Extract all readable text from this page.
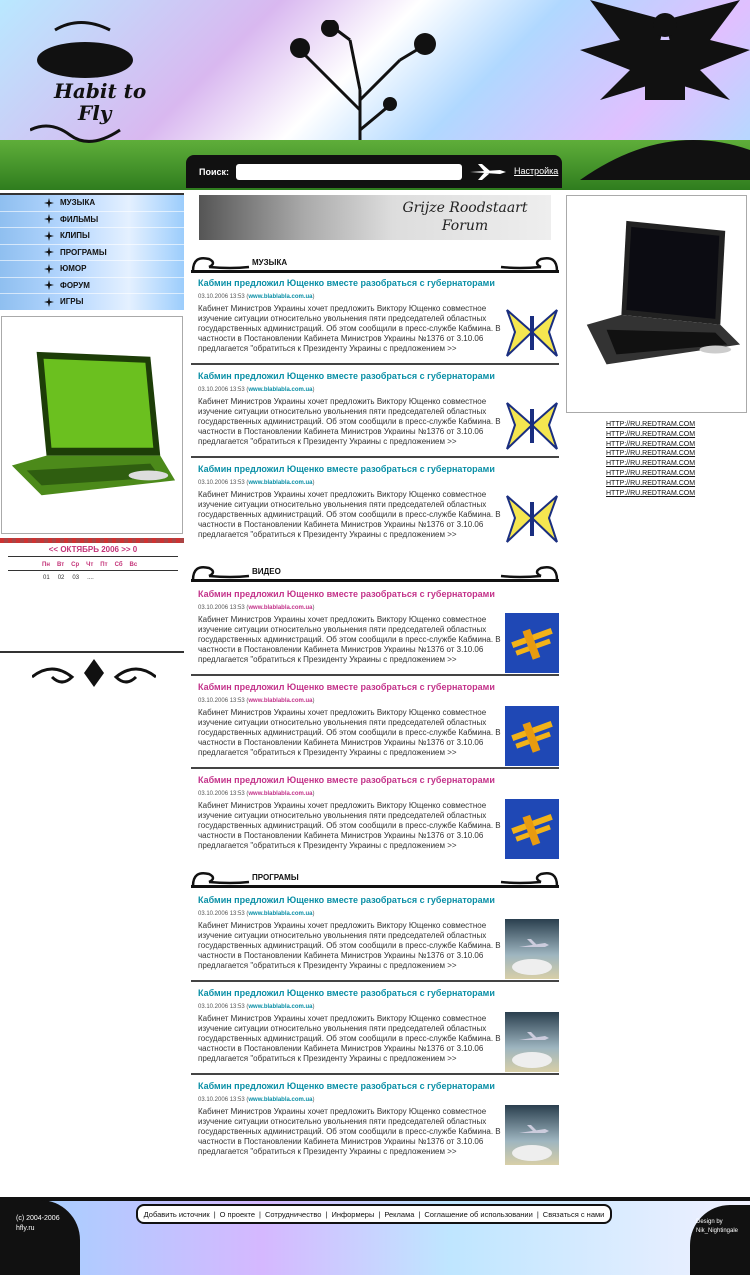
Habit to
Fly
Поиск:	Настройка
МУЗЫКА
ФИЛЬМЫ
КЛИПЫ
ПРОГРАМЫ
ЮМОР
ФОРУМ
ИГРЫ
<< ОКТЯБРЬ 2006 >> 0
Пн Вт Ср Чт Пт Сб Вс
01 02 03 ....
Grijze Roodstaart
Forum
МУЗЫКА
Кабмин предложил Ющенко вместе разобраться с губернаторами
03.10.2006 13:53 (www.blablabla.com.ua)
Кабинет Министров Украины хочет предложить Виктору Ющенко совместное изучение ситуации относительно увольнения пяти председателей областных государственных администраций. Об этом сообщили в пресс-службе Кабмина. В частности в Постановлении Кабинета Министров Украины №1376 от 3.10.06 предлагается "обратиться к Президенту Украины с предложением >>
Кабмин предложил Ющенко вместе разобраться с губернаторами
03.10.2006 13:53 (www.blablabla.com.ua)
Кабинет Министров Украины хочет предложить Виктору Ющенко совместное изучение ситуации относительно увольнения пяти председателей областных государственных администраций. Об этом сообщили в пресс-службе Кабмина. В частности в Постановлении Кабинета Министров Украины №1376 от 3.10.06 предлагается "обратиться к Президенту Украины с предложением >>
Кабмин предложил Ющенко вместе разобраться с губернаторами
03.10.2006 13:53 (www.blablabla.com.ua)
Кабинет Министров Украины хочет предложить Виктору Ющенко совместное изучение ситуации относительно увольнения пяти председателей областных государственных администраций. Об этом сообщили в пресс-службе Кабмина. В частности в Постановлении Кабинета Министров Украины №1376 от 3.10.06 предлагается "обратиться к Президенту Украины с предложением >>
ВИДЕО
Кабмин предложил Ющенко вместе разобраться с губернаторами
03.10.2006 13:53 (www.blablabla.com.ua)
Кабинет Министров Украины хочет предложить Виктору Ющенко совместное изучение ситуации относительно увольнения пяти председателей областных государственных администраций. Об этом сообщили в пресс-службе Кабмина. В частности в Постановлении Кабинета Министров Украины №1376 от 3.10.06 предлагается "обратиться к Президенту Украины с предложением >>
Кабмин предложил Ющенко вместе разобраться с губернаторами
03.10.2006 13:53 (www.blablabla.com.ua)
Кабинет Министров Украины хочет предложить Виктору Ющенко совместное изучение ситуации относительно увольнения пяти председателей областных государственных администраций. Об этом сообщили в пресс-службе Кабмина. В частности в Постановлении Кабинета Министров Украины №1376 от 3.10.06 предлагается "обратиться к Президенту Украины с предложением >>
Кабмин предложил Ющенко вместе разобраться с губернаторами
03.10.2006 13:53 (www.blablabla.com.ua)
Кабинет Министров Украины хочет предложить Виктору Ющенко совместное изучение ситуации относительно увольнения пяти председателей областных государственных администраций. Об этом сообщили в пресс-службе Кабмина. В частности в Постановлении Кабинета Министров Украины №1376 от 3.10.06 предлагается "обратиться к Президенту Украины с предложением >>
ПРОГРАМЫ
Кабмин предложил Ющенко вместе разобраться с губернаторами
03.10.2006 13:53 (www.blablabla.com.ua)
Кабинет Министров Украины хочет предложить Виктору Ющенко совместное изучение ситуации относительно увольнения пяти председателей областных государственных администраций. Об этом сообщили в пресс-службе Кабмина. В частности в Постановлении Кабинета Министров Украины №1376 от 3.10.06 предлагается "обратиться к Президенту Украины с предложением >>
Кабмин предложил Ющенко вместе разобраться с губернаторами
03.10.2006 13:53 (www.blablabla.com.ua)
Кабинет Министров Украины хочет предложить Виктору Ющенко совместное изучение ситуации относительно увольнения пяти председателей областных государственных администраций. Об этом сообщили в пресс-службе Кабмина. В частности в Постановлении Кабинета Министров Украины №1376 от 3.10.06 предлагается "обратиться к Президенту Украины с предложением >>
Кабмин предложил Ющенко вместе разобраться с губернаторами
03.10.2006 13:53 (www.blablabla.com.ua)
Кабинет Министров Украины хочет предложить Виктору Ющенко совместное изучение ситуации относительно увольнения пяти председателей областных государственных администраций. Об этом сообщили в пресс-службе Кабмина. В частности в Постановлении Кабинета Министров Украины №1376 от 3.10.06 предлагается "обратиться к Президенту Украины с предложением >>
HTTP://RU.REDTRAM.COM
HTTP://RU.REDTRAM.COM
HTTP://RU.REDTRAM.COM
HTTP://RU.REDTRAM.COM
HTTP://RU.REDTRAM.COM
HTTP://RU.REDTRAM.COM
HTTP://RU.REDTRAM.COM
HTTP://RU.REDTRAM.COM
(c) 2004-2006
hfly.ru
Design by
Nik_Nightingale
Добавить источник | О проекте | Сотрудничество | Информеры | Реклама | Соглашение об использовании | Связаться с нами
